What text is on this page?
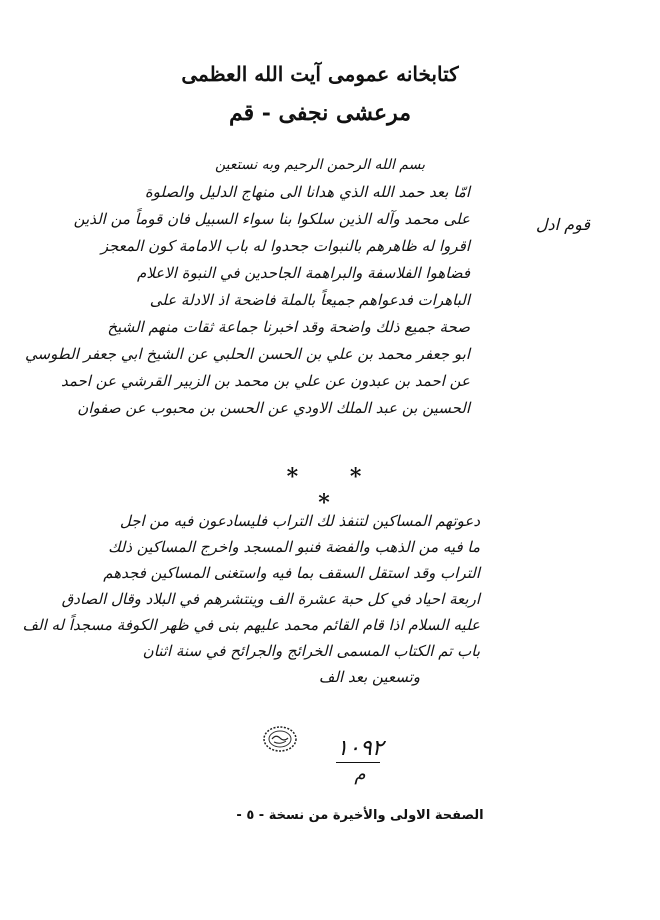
کتابخانه عمومی آیت الله العظمی
مرعشی نجفی - قم
قوم ادل
بسم الله الرحمن الرحيم وبه نستعين
امّا بعد حمد الله الذي هدانا الى منهاج الدليل والصلوة
على محمد وآله الذين سلكوا بنا سواء السبيل فان قوماً من الذين
اقروا له ظاهرهم بالنبوات جحدوا له باب الامامة كون المعجز
فضاهوا الفلاسفة والبراهمة الجاحدين في النبوة الاعلام
الباهرات فدعواهم جميعاً بالملة فاضحة اذ الادلة على
صحة جميع ذلك واضحة وقد اخبرنا جماعة ثقات منهم الشيخ
ابو جعفر محمد بن علي بن الحسن الحلبي عن الشيخ ابي جعفر الطوسي
عن احمد بن عبدون عن علي بن محمد بن الزبير القرشي عن احمد
الحسين بن عبد الملك الاودي عن الحسن بن محبوب عن صفوان
* * *
دعوتهم المساكين لتنفذ لك التراب فليسادعون فيه من اجل
ما فيه من الذهب والفضة فنبو المسجد واخرج المساكين ذلك
التراب وقد استقل السقف بما فيه واستغنى المساكين فجدهم
اربعة احياد في كل حبة عشرة الف وينتشرهم في البلاد وقال الصادق
عليه السلام اذا قام القائم محمد عليهم بنى في ظهر الكوفة مسجداً له الف
باب تم الكتاب المسمى الخرائج والجرائح في سنة اثنان
وتسعين بعد الف
١٠٩٢
م
الصفحة الاولى والأخيرة من نسخة - ٥ -
